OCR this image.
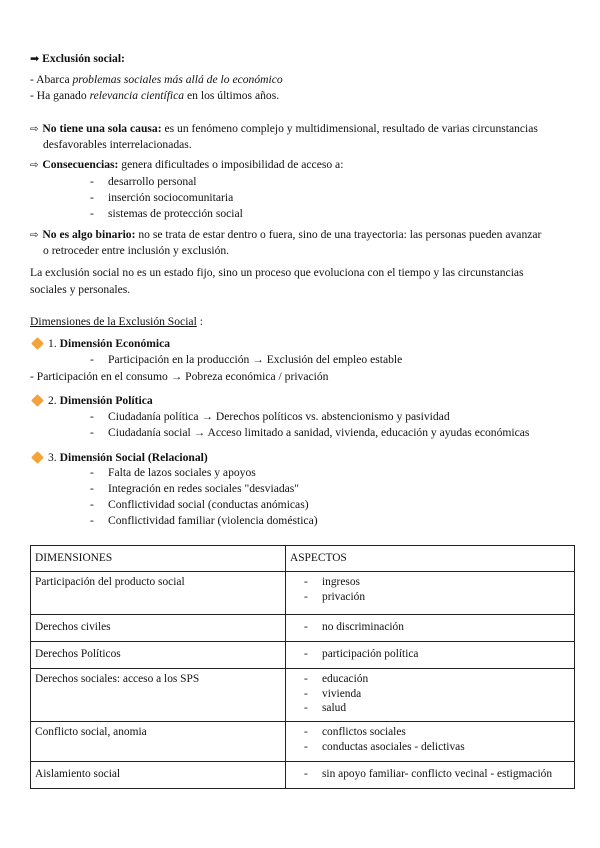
➡ Exclusión social:
- Abarca problemas sociales más allá de lo económico
- Ha ganado relevancia científica en los últimos años.
⇨ No tiene una sola causa: es un fenómeno complejo y multidimensional, resultado de varias circunstancias
desfavorables interrelacionadas.
⇨ Consecuencias: genera dificultades o imposibilidad de acceso a:
- desarrollo personal
- inserción sociocomunitaria
- sistemas de protección social
⇨ No es algo binario: no se trata de estar dentro o fuera, sino de una trayectoria: las personas pueden avanzar
o retroceder entre inclusión y exclusión.
La exclusión social no es un estado fijo, sino un proceso que evoluciona con el tiempo y las circunstancias
sociales y personales.
Dimensiones de la Exclusión Social :
1. Dimensión Económica
- Participación en la producción → Exclusión del empleo estable
- Participación en el consumo → Pobreza económica / privación
2. Dimensión Política
- Ciudadanía política → Derechos políticos vs. abstencionismo y pasividad
- Ciudadanía social → Acceso limitado a sanidad, vivienda, educación y ayudas económicas
3. Dimensión Social (Relacional)
- Falta de lazos sociales y apoyos
- Integración en redes sociales "desviadas"
- Conflictividad social (conductas anómicas)
- Conflictividad familiar (violencia doméstica)
DIMENSIONES	ASPECTOS
Participación del producto social	- ingresos
- privación

Derechos civiles	- no discriminación

Derechos Políticos	- participación política

Derechos sociales: acceso a los SPS	- educación
- vivienda
- salud

Conflicto social, anomia	- conflictos sociales
- conductas asociales - delictivas

Aislamiento social	- sin apoyo familiar- conflicto vecinal - estigmación
